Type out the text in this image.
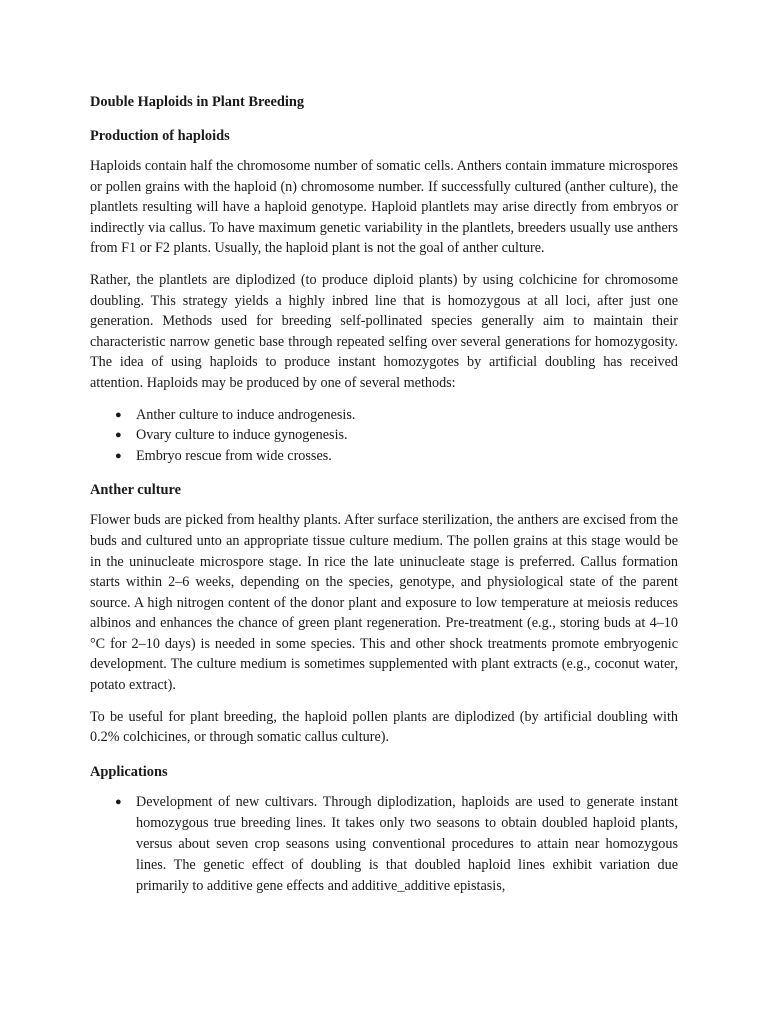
Double Haploids in Plant Breeding
Production of haploids

Haploids contain half the chromosome number of somatic cells. Anthers contain immature microspores or pollen grains with the haploid (n) chromosome number. If successfully cultured (anther culture), the plantlets resulting will have a haploid genotype. Haploid plantlets may arise directly from embryos or indirectly via callus. To have maximum genetic variability in the plantlets, breeders usually use anthers from F1 or F2 plants. Usually, the haploid plant is not the goal of anther culture.

Rather, the plantlets are diplodized (to produce diploid plants) by using colchicine for chromosome doubling. This strategy yields a highly inbred line that is homozygous at all loci, after just one generation. Methods used for breeding self-pollinated species generally aim to maintain their characteristic narrow genetic base through repeated selfing over several generations for homozygosity. The idea of using haploids to produce instant homozygotes by artificial doubling has received attention. Haploids may be produced by one of several methods:

● Anther culture to induce androgenesis.
● Ovary culture to induce gynogenesis.
● Embryo rescue from wide crosses.
Anther culture

Flower buds are picked from healthy plants. After surface sterilization, the anthers are excised from the buds and cultured unto an appropriate tissue culture medium. The pollen grains at this stage would be in the uninucleate microspore stage. In rice the late uninucleate stage is preferred. Callus formation starts within 2–6 weeks, depending on the species, genotype, and physiological state of the parent source. A high nitrogen content of the donor plant and exposure to low temperature at meiosis reduces albinos and enhances the chance of green plant regeneration. Pre-treatment (e.g., storing buds at 4–10 °C for 2–10 days) is needed in some species. This and other shock treatments promote embryogenic development. The culture medium is sometimes supplemented with plant extracts (e.g., coconut water, potato extract).

To be useful for plant breeding, the haploid pollen plants are diplodized (by artificial doubling with 0.2% colchicines, or through somatic callus culture).

Applications
● Development of new cultivars. Through diplodization, haploids are used to generate instant homozygous true breeding lines. It takes only two seasons to obtain doubled haploid plants, versus about seven crop seasons using conventional procedures to attain near homozygous lines. The genetic effect of doubling is that doubled haploid lines exhibit variation due primarily to additive gene effects and additive_additive epistasis,
